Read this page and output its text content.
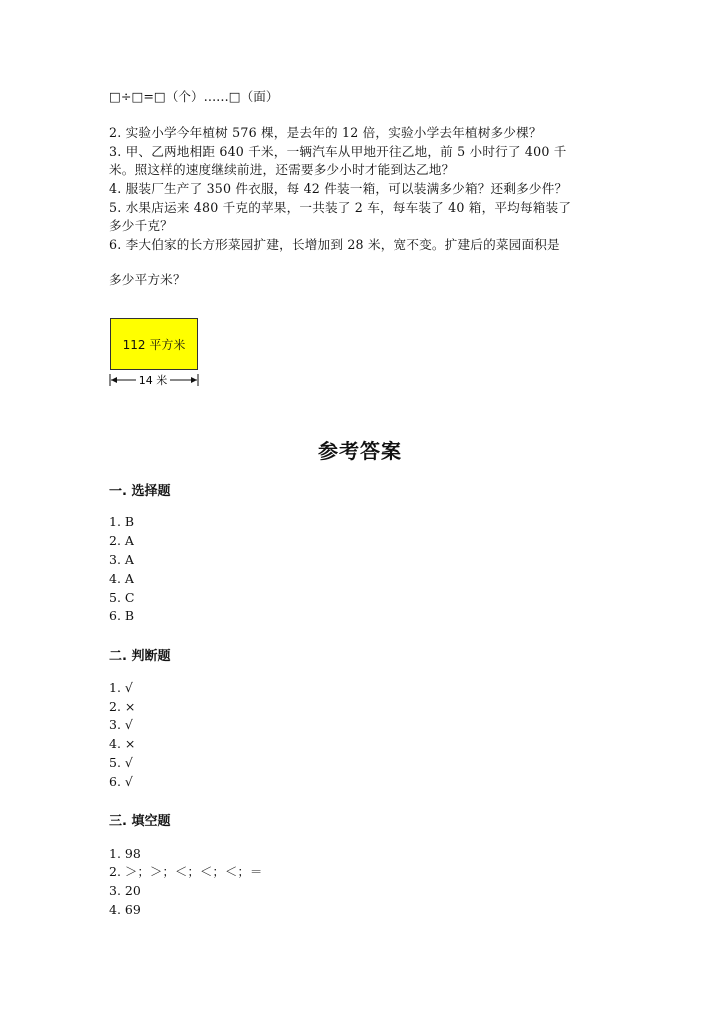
□÷□=□（个）……□（面）
2. 实验小学今年植树 576 棵，是去年的 12 倍，实验小学去年植树多少棵？
3. 甲、乙两地相距 640 千米，一辆汽车从甲地开往乙地，前 5 小时行了 400 千
米。照这样的速度继续前进，还需要多少小时才能到达乙地？
4. 服装厂生产了 350 件衣服，每 42 件装一箱，可以装满多少箱？还剩多少件？
5. 水果店运来 480 千克的苹果，一共装了 2 车，每车装了 40 箱，平均每箱装了
多少千克？
6. 李大伯家的长方形菜园扩建，长增加到 28 米，宽不变。扩建后的菜园面积是
多少平方米？
112 平方米
14 米
参考答案
一. 选择题
1. B
2. A
3. A
4. A
5. C
6. B
二. 判断题
1. √
2. ×
3. √
4. ×
5. √
6. √
三. 填空题
1. 98
2. ＞；＞；＜；＜；＜；＝
3. 20
4. 69
